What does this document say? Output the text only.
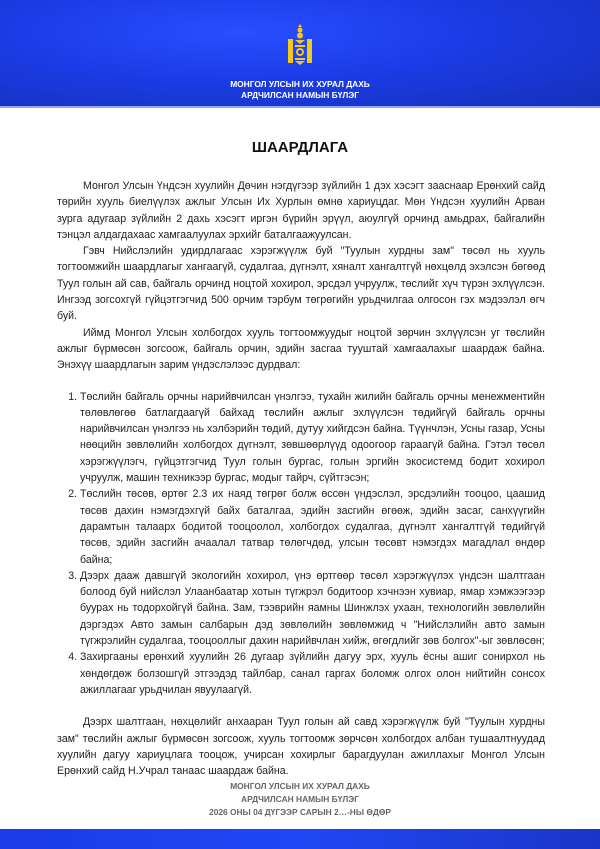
МОНГОЛ УЛСЫН ИХ ХУРАЛ ДАХЬ
АРДЧИЛСАН НАМЫН БҮЛЭГ
ШААРДЛАГА

Монгол Улсын Үндсэн хуулийн Дөчин нэгдүгээр зүйлийн 1 дэх хэсэгт зааснаар Ерөнхий сайд төрийн хууль биелүүлэх ажлыг Улсын Их Хурлын өмнө хариуцдаг. Мөн Үндсэн хуулийн Арван зурга адугаар зүйлийн 2 дахь хэсэгт иргэн бүрийн эрүүл, аюулгүй орчинд амьдрах, байгалийн тэнцэл алдагдахаас хамгаалуулах эрхийг баталгаажуулсан.

Гэвч Нийслэлийн удирдлагаас хэрэгжүүлж буй "Туулын хурдны зам" төсөл нь хууль тогтоомжийн шаардлагыг хангаагүй, судалгаа, дүгнэлт, хяналт хангалтгүй нөхцөлд эхэлсэн бөгөөд Туул голын ай сав, байгаль орчинд ноцтой хохирол, эрсдэл учруулж, төслийг хүч түрэн эхлүүлсэн. Ингээд зогсохгүй гүйцэтгэгчид 500 орчим тэрбум төгрөгийн урьдчилгаа олгосон гэх мэдээлэл өгч буй.

Иймд Монгол Улсын холбогдох хууль тогтоомжуудыг ноцтой зөрчин эхлүүлсэн уг төслийн ажлыг бүрмөсөн зогсоож, байгаль орчин, эдийн засгаа тууштай хамгаалахыг шаардаж байна. Энэхүү шаардлагын зарим үндэслэлээс дурдвал:

1. Төслийн байгаль орчны нарийвчилсан үнэлгээ, тухайн жилийн байгаль орчны менежментийн төлөвлөгөө батлагдаагүй байхад төслийн ажлыг эхлүүлсэн төдийгүй байгаль орчны нарийвчилсан үнэлгээ нь хэлбэрийн төдий, дутуу хийгдсэн байна. Түүнчлэн, Усны газар, Усны нөөцийн зөвлөлийн холбогдох дүгнэлт, зөвшөөрлүүд одоогоор гараагүй байна. Гэтэл төсөл хэрэгжүүлэгч, гүйцэтгэгчид Туул голын бургас, голын эргийн экосистемд бодит хохирол учруулж, машин техникээр бургас, модыг тайрч, сүйтгэсэн;
2. Төслийн төсөв, өртөг 2.3 их наяд төгрөг болж өссөн үндэслэл, эрсдэлийн тооцоо, цаашид төсөв дахин нэмэгдэхгүй байх баталгаа, эдийн засгийн өгөөж, эдийн засаг, санхүүгийн дарамтын талаарх бодитой тооцоолол, холбогдох судалгаа, дүгнэлт хангалтгүй төдийгүй төсөв, эдийн засгийн ачаалал татвар төлөгчдөд, улсын төсөвт нэмэгдэх магадлал өндөр байна;
3. Дээрх дааж давшгүй экологийн хохирол, үнэ өртгөөр төсөл хэрэгжүүлэх үндсэн шалтгаан болоод буй нийслэл Улаанбаатар хотын түгжрэл бодитоор хэчнээн хувиар, ямар хэмжээгээр буурах нь тодорхойгүй байна. Зам, тээврийн яамны Шинжлэх ухаан, технологийн зөвлөлийн дэргэдэх Авто замын салбарын дэд зөвлөлийн зөвлөмжид ч "Нийслэлийн авто замын түгжрэлийн судалгаа, тооцооллыг дахин нарийвчлан хийж, өгөгдлийг зөв болгох"-ыг зөвлөсөн;
4. Захиргааны ерөнхий хуулийн 26 дугаар зүйлийн дагуу эрх, хууль ёсны ашиг сонирхол нь хөндөгдөж болзошгүй этгээдэд тайлбар, санал гаргах боломж олгох олон нийтийн сонсох ажиллагааг урьдчилан явуулаагүй.

Дээрх шалтгаан, нөхцөлийг анхааран Туул голын ай савд хэрэгжүүлж буй "Туулын хурдны зам" төслийн ажлыг бүрмөсөн зогсоож, хууль тогтоомж зөрчсөн холбогдох албан тушаалтнуудад хуулийн дагуу хариуцлага тооцож, учирсан хохирлыг барагдуулан ажиллахыг Монгол Улсын Ерөнхий сайд Н.Учрал танаас шаардаж байна.

МОНГОЛ УЛСЫН ИХ ХУРАЛ ДАХЬ
АРДЧИЛСАН НАМЫН БҮЛЭГ
2026 ОНЫ 04 ДҮГЭЭР САРЫН 2…-НЫ ӨДӨР
